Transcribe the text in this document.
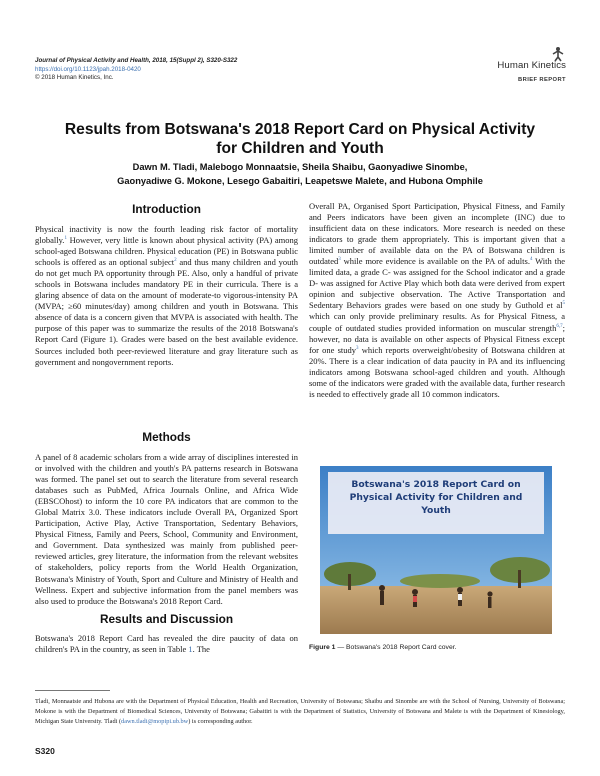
Journal of Physical Activity and Health, 2018, 15(Suppl 2), S320-S322
https://doi.org/10.1123/jpah.2018-0420
© 2018 Human Kinetics, Inc.
Human Kinetics
BRIEF REPORT
Results from Botswana's 2018 Report Card on Physical Activity for Children and Youth
Dawn M. Tladi, Malebogo Monnaatsie, Sheila Shaibu, Gaonyadiwe Sinombe,
Gaonyadiwe G. Mokone, Lesego Gabaitiri, Leapetswe Malete, and Hubona Omphile
Introduction

Physical inactivity is now the fourth leading risk factor of mortality globally.$^1$ However, very little is known about physical activity (PA) among school-aged Botswana children. Physical education (PE) in Botswana public schools is offered as an optional subject$^2$ and thus many children and youth do not get much PA opportunity through PE. Also, only a handful of private schools in Botswana includes mandatory PE in their curricula. There is a glaring absence of data on the amount of moderate-to vigorous-intensity PA (MVPA; ≥60 minutes/day) among children and youth in Botswana. This absence of data is a concern given that MVPA is associated with health. The purpose of this paper was to summarize the results of the 2018 Botswana's Report Card (Figure 1). Grades were based on the best available evidence. Sources included both peer-reviewed literature and gray literature such as government and nongovernment reports.

Methods

A panel of 8 academic scholars from a wide array of disciplines interested in or involved with the children and youth's PA patterns research in Botswana was formed. The panel set out to search the literature from several research databases such as PubMed, Africa Journals Online, and Africa Wide (EBSCOhost) to inform the 10 core PA indicators that are common to the Global Matrix 3.0. These indicators include Overall PA, Organized Sport Participation, Active Play, Active Transportation, Sedentary Behaviors, Physical Fitness, Family and Peers, School, Community and Environment, and Government. Data synthesized was mainly from published peer-reviewed articles, grey literature, the information from the relevant websites of stakeholders, policy reports from the World Health Organization, Botswana's Ministry of Youth, Sport and Culture and Ministry of Health and Wellness. Expert and subjective information from the panel members was also used to produce the Botswana's 2018 Report Card.

Results and Discussion

Botswana's 2018 Report Card has revealed the dire paucity of data on children's PA in the country, as seen in Table 1. The

Overall PA, Organised Sport Participation, Physical Fitness, and Family and Peers indicators have been given an incomplete (INC) due to insufficient data on these indicators. More research is needed on these indicators to grade them appropriately. This is important given that a limited number of available data on the PA of Botswana children is outdated$^3$ while more evidence is available on the PA of adults.$^4$ With the limited data, a grade C- was assigned for the School indicator and a grade D- was assigned for Active Play which both data were derived from expert opinion and subjective observation. The Active Transportation and Sedentary Behaviors grades were based on one study by Guthold et $al^5$ which can only provide preliminary results. As for Physical Fitness, a couple of outdated studies provided information on muscular strength$^{6,7}$; however, no data is available on other aspects of Physical Fitness except for one study$^3$ which reports overweight/obesity of Botswana children at 20%. There is a clear indication of data paucity in PA and its influencing indicators among Botswana school-aged children and youth. Although some of the indicators were graded with the available data, further research is needed to effectively grade all 10 common indicators.

Botswana's 2018 Report Card on
Physical Activity for Children and
Youth
Figure 1 — Botswana's 2018 Report Card cover.
Tladi, Monnaatsie and Hubona are with the Department of Physical Education, Health and Recreation, University of Botswana; Shaibu and Sinombe are with the School of Nursing, University of Botswana; Mokone is with the Department of Biomedical Sciences, University of Botswana; Gabaitiri is with the Department of Statistics, University of Botswana and Malete is with the Department of Kinesiology, Michigan State University. Tladi (dawn.tladi@mopipi.ub.bw) is corresponding author.
S320
